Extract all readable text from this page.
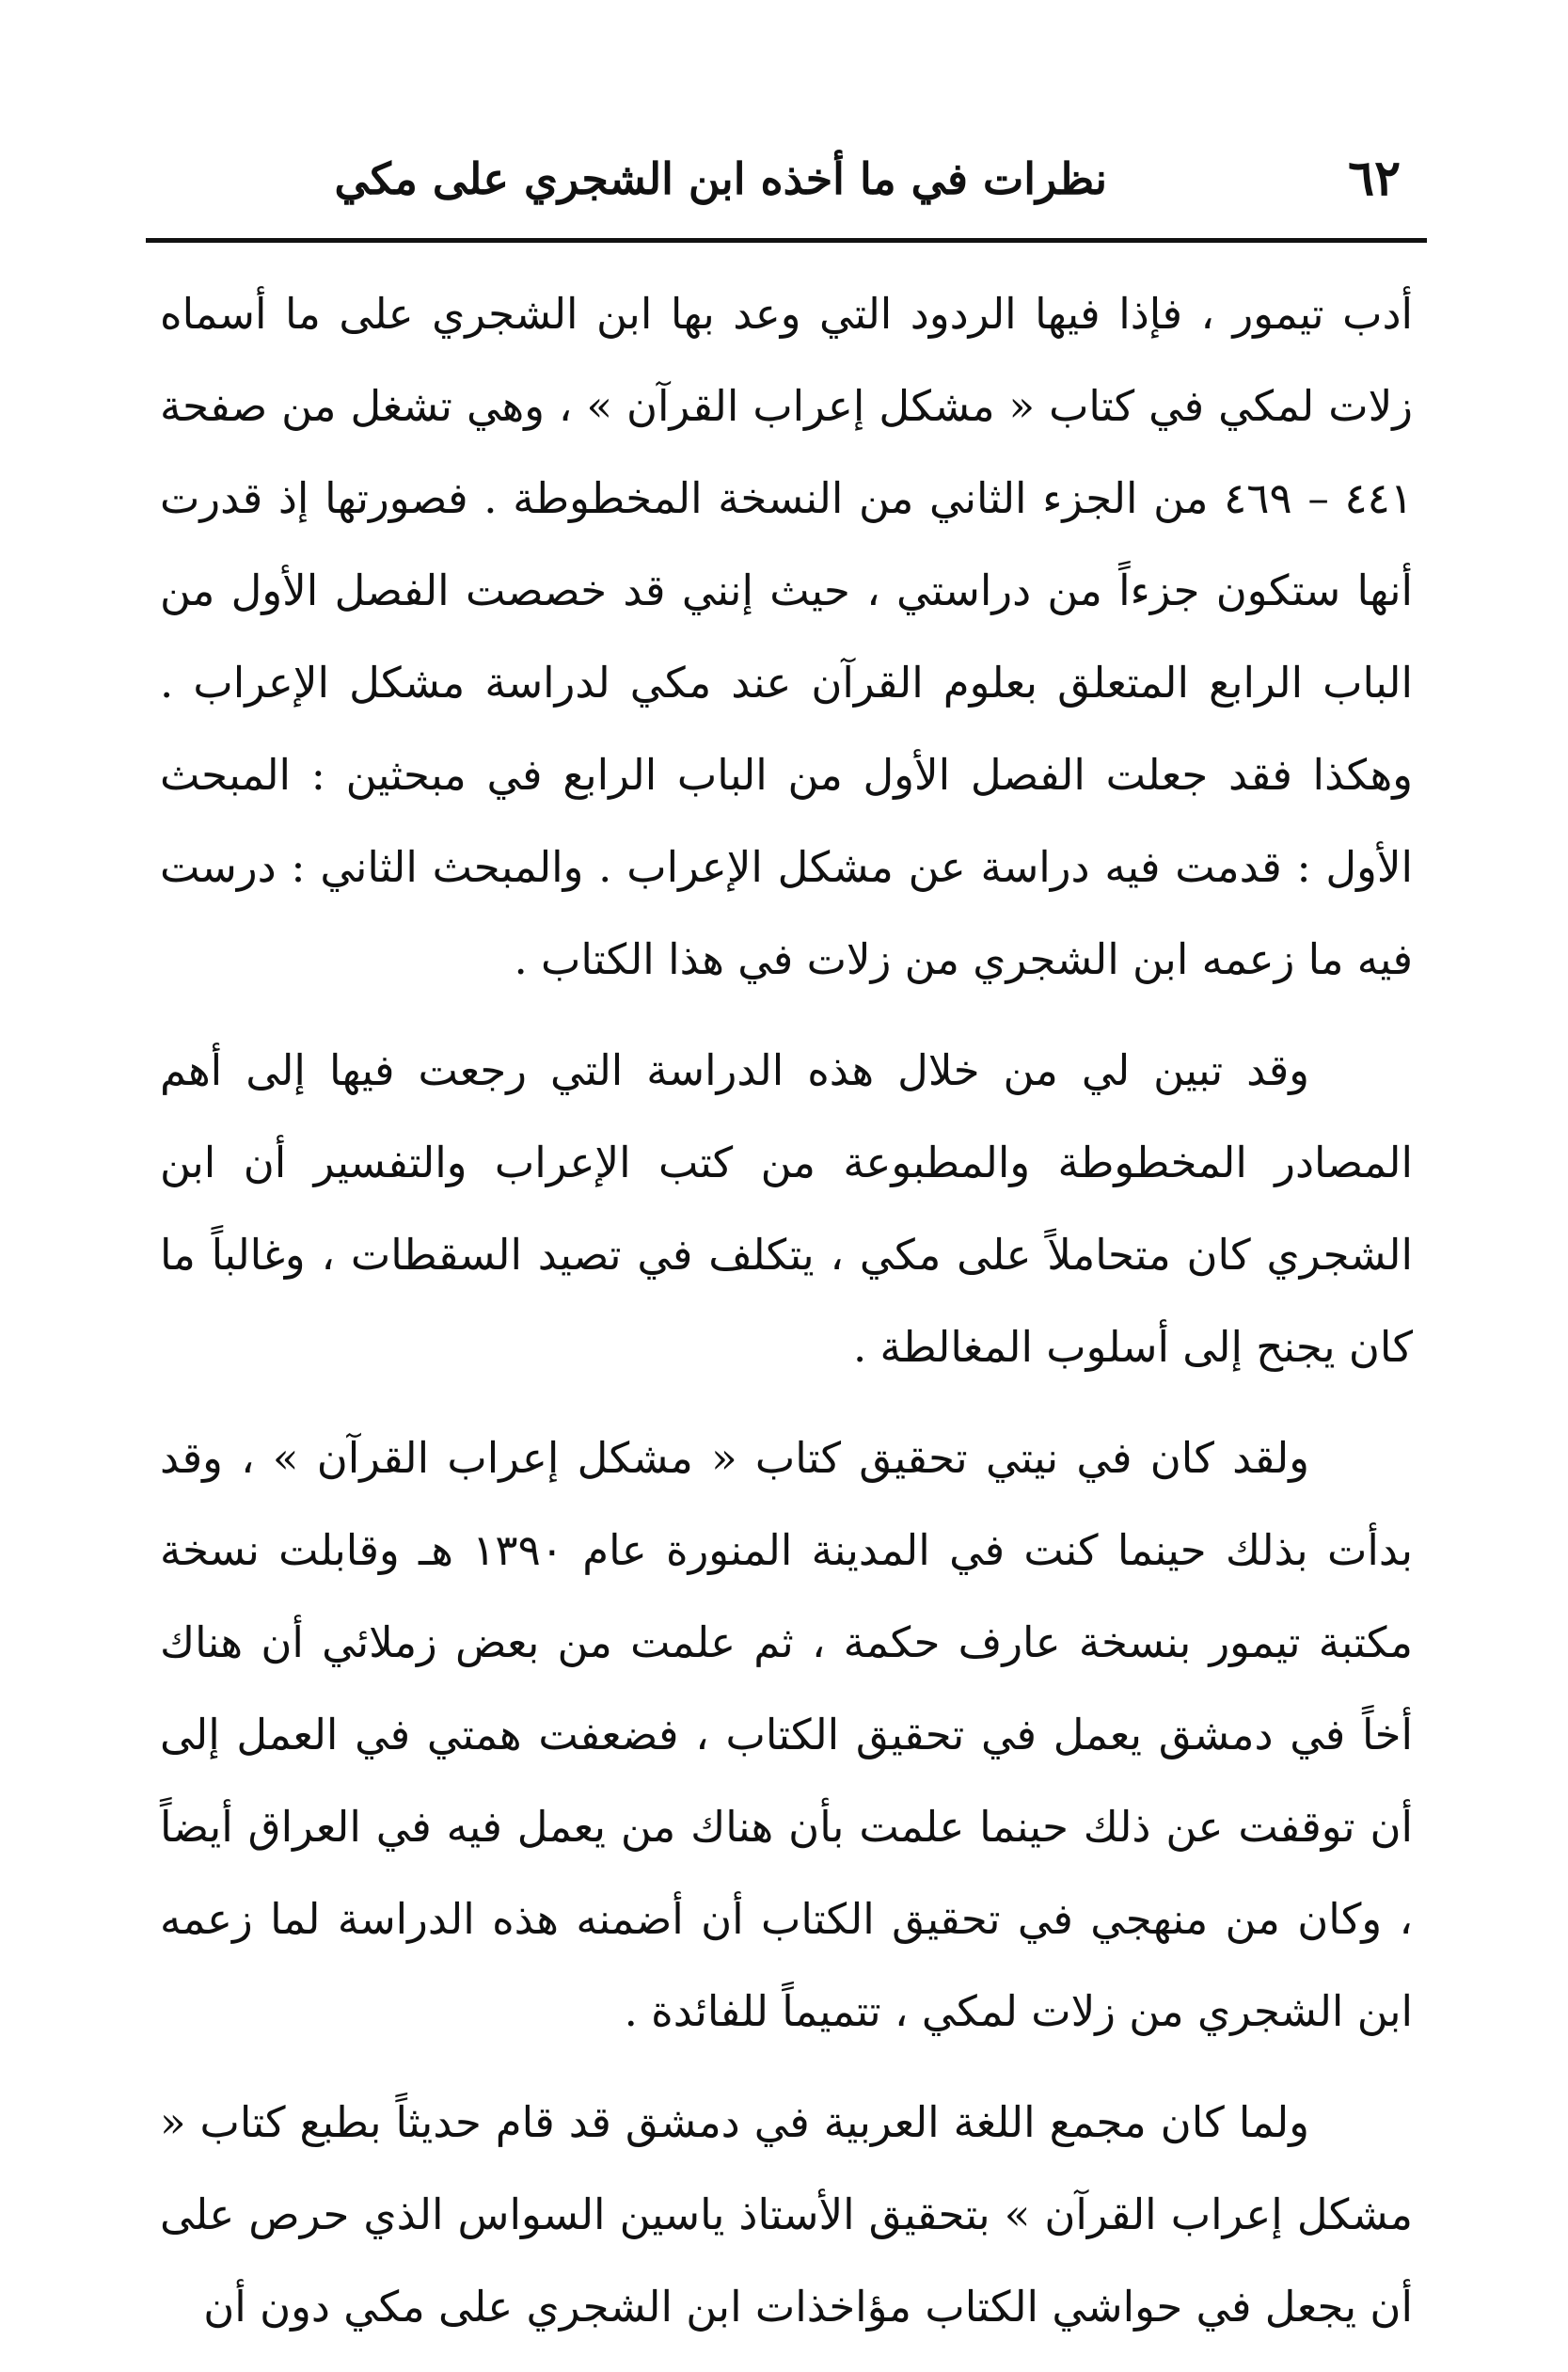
٦٢
نظرات في ما أخذه ابن الشجري على مكي

أدب تيمور ، فإذا فيها الردود التي وعد بها ابن الشجري على ما أسماه زلات لمكي في كتاب « مشكل إعراب القرآن » ، وهي تشغل من صفحة ٤٤١ – ٤٦٩ من الجزء الثاني من النسخة المخطوطة . فصورتها إذ قدرت أنها ستكون جزءاً من دراستي ، حيث إنني قد خصصت الفصل الأول من الباب الرابع المتعلق بعلوم القرآن عند مكي لدراسة مشكل الإعراب . وهكذا فقد جعلت الفصل الأول من الباب الرابع في مبحثين : المبحث الأول : قدمت فيه دراسة عن مشكل الإعراب . والمبحث الثاني : درست فيه ما زعمه ابن الشجري من زلات في هذا الكتاب .

وقد تبين لي من خلال هذه الدراسة التي رجعت فيها إلى أهم المصادر المخطوطة والمطبوعة من كتب الإعراب والتفسير أن ابن الشجري كان متحاملاً على مكي ، يتكلف في تصيد السقطات ، وغالباً ما كان يجنح إلى أسلوب المغالطة .

ولقد كان في نيتي تحقيق كتاب « مشكل إعراب القرآن » ، وقد بدأت بذلك حينما كنت في المدينة المنورة عام ١٣٩٠ هـ وقابلت نسخة مكتبة تيمور بنسخة عارف حكمة ، ثم علمت من بعض زملائي أن هناك أخاً في دمشق يعمل في تحقيق الكتاب ، فضعفت همتي في العمل إلى أن توقفت عن ذلك حينما علمت بأن هناك من يعمل فيه في العراق أيضاً ، وكان من منهجي في تحقيق الكتاب أن أضمنه هذه الدراسة لما زعمه ابن الشجري من زلات لمكي ، تتميماً للفائدة .

ولما كان مجمع اللغة العربية في دمشق قد قام حديثاً بطبع كتاب « مشكل إعراب القرآن » بتحقيق الأستاذ ياسين السواس الذي حرص على أن يجعل في حواشي الكتاب مؤاخذات ابن الشجري على مكي دون أن
